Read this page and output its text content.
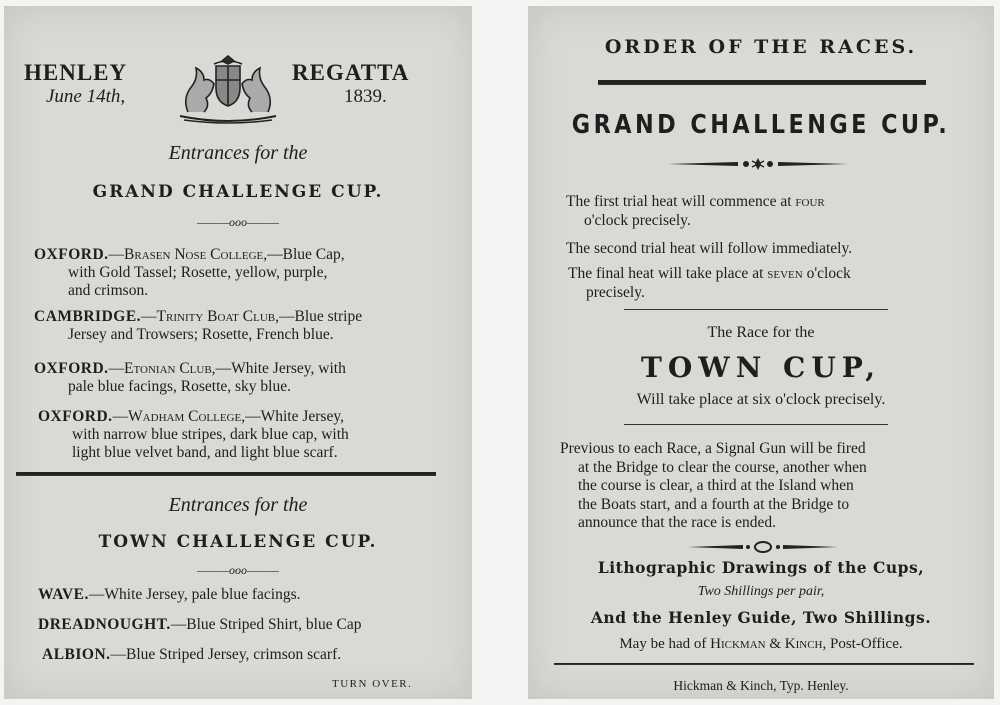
HENLEY	REGATTA
June 14th,	1839.
Entrances for the
GRAND CHALLENGE CUP.
———ooo———
OXFORD.—Brasen Nose College,—Blue Cap,
with Gold Tassel; Rosette, yellow, purple,
and crimson.
CAMBRIDGE.—Trinity Boat Club,—Blue stripe
Jersey and Trowsers; Rosette, French blue.
OXFORD.—Etonian Club,—White Jersey, with
pale blue facings, Rosette, sky blue.
OXFORD.—Wadham College,—White Jersey,
with narrow blue stripes, dark blue cap, with
light blue velvet band, and light blue scarf.
Entrances for the
TOWN CHALLENGE CUP.
———ooo———
WAVE.—White Jersey, pale blue facings.
DREADNOUGHT.—Blue Striped Shirt, blue Cap
ALBION.—Blue Striped Jersey, crimson scarf.
TURN OVER.
ORDER OF THE RACES.
GRAND CHALLENGE CUP.
The first trial heat will commence at four
o'clock precisely.
The second trial heat will follow immediately.
The final heat will take place at seven o'clock
precisely.
The Race for the
TOWN CUP,
Will take place at six o'clock precisely.
Previous to each Race, a Signal Gun will be fired
at the Bridge to clear the course, another when
the course is clear, a third at the Island when
the Boats start, and a fourth at the Bridge to
announce that the race is ended.
Lithographic Drawings of the Cups,
Two Shillings per pair,
And the Henley Guide, Two Shillings.
May be had of Hickman & Kinch, Post-Office.
Hickman & Kinch, Typ. Henley.
